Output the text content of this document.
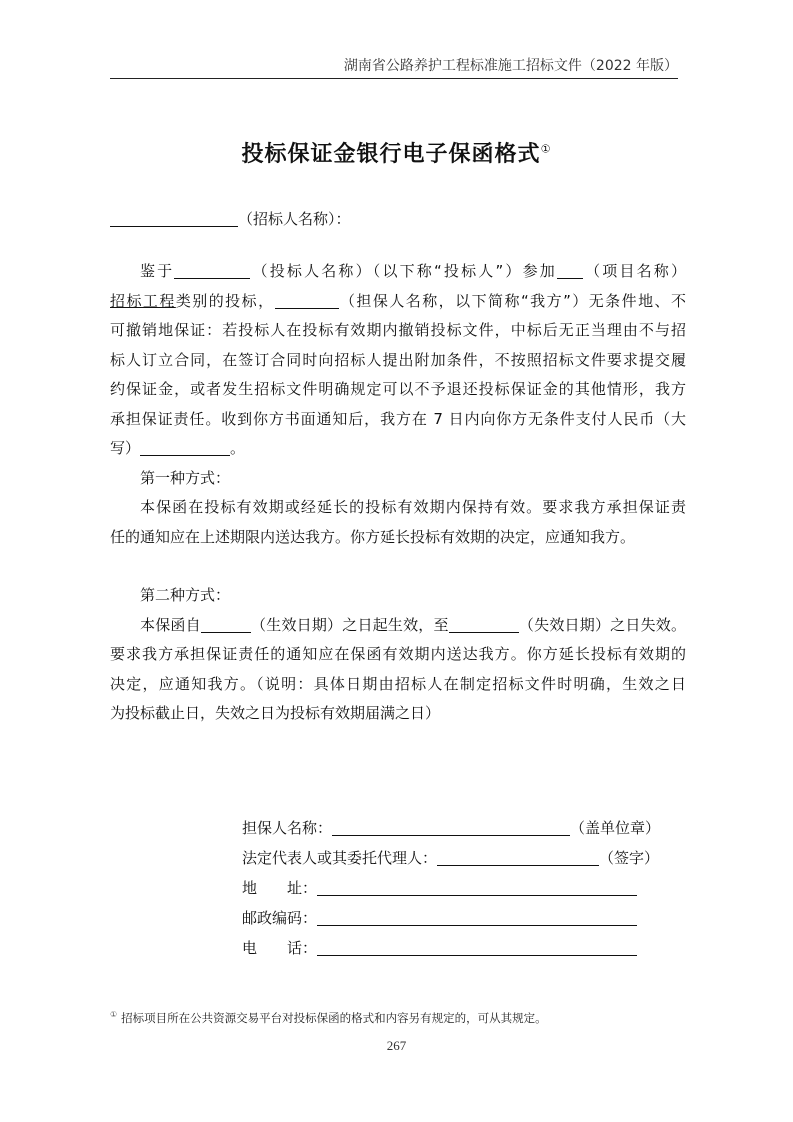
湖南省公路养护工程标准施工招标文件（2022 年版）
投标保证金银行电子保函格式①
（招标人名称）：
鉴于	（投标人名称）（以下称“投标人”）参加 （项目名称）
招标工程类别的投标，	（担保人名称，以下简称“我方”）无条件地、不
可撤销地保证：若投标人在投标有效期内撤销投标文件，中标后无正当理由不与招
标人订立合同，在签订合同时向招标人提出附加条件，不按照招标文件要求提交履
约保证金，或者发生招标文件明确规定可以不予退还投标保证金的其他情形，我方
承担保证责任。收到你方书面通知后，我方在 7 日内向你方无条件支付人民币（大
写）	。
第一种方式：
本保函在投标有效期或经延长的投标有效期内保持有效。要求我方承担保证责
任的通知应在上述期限内送达我方。你方延长投标有效期的决定，应通知我方。
第二种方式：
本保函自	（生效日期）之日起生效，至	（失效日期）之日失效。
要求我方承担保证责任的通知应在保函有效期内送达我方。你方延长投标有效期的
决定，应通知我方。（说明：具体日期由招标人在制定招标文件时明确，生效之日
为投标截止日，失效之日为投标有效期届满之日）
担保人名称：	（盖单位章）
法定代表人或其委托代理人：	（签字）
地　　址：
邮政编码：
电　　话：
① 招标项目所在公共资源交易平台对投标保函的格式和内容另有规定的，可从其规定。
267
